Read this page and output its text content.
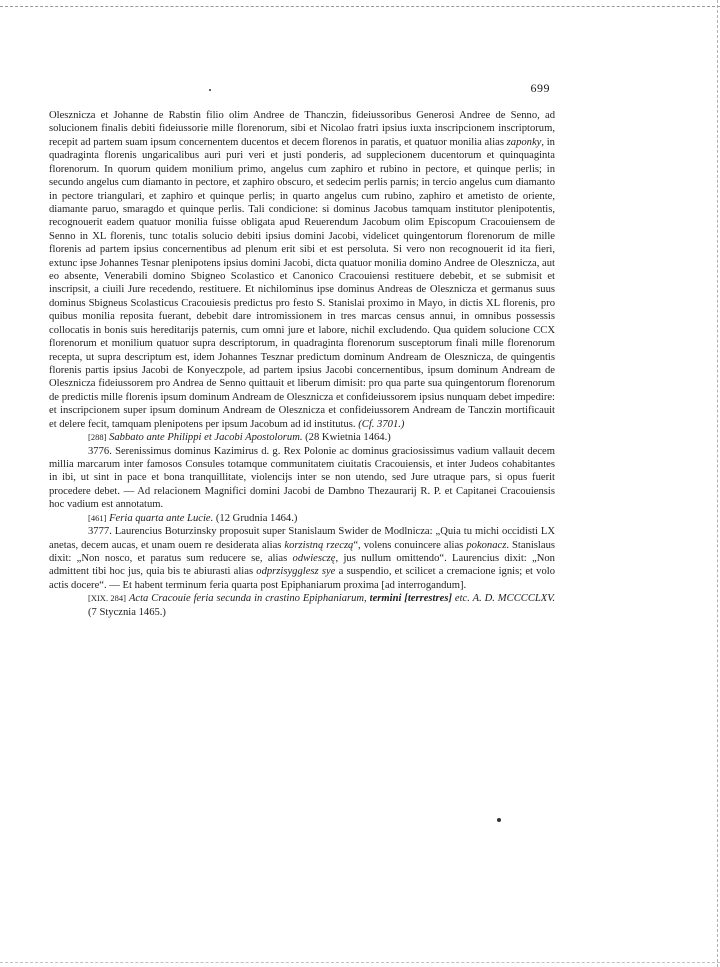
699

Olesznicza et Johanne de Rabstin filio olim Andree de Thanczin, fideiussoribus Generosi Andree de Senno, ad solucionem finalis debiti fideiussorie mille florenorum, sibi et Nicolao fratri ipsius iuxta inscripcionem inscriptorum, recepit ad partem suam ipsum concernentem ducentos et decem florenos in paratis, et quatuor monilia alias zaponky, in quadraginta florenis ungaricalibus auri puri veri et justi ponderis, ad supplecionem ducentorum et quinquaginta florenorum. In quorum quidem monilium primo, angelus cum zaphiro et rubino in pectore, et quinque perlis; in secundo angelus cum diamanto in pectore, et zaphiro obscuro, et sedecim perlis parnis; in tercio angelus cum diamanto in pectore triangulari, et zaphiro et quinque perlis; in quarto angelus cum rubino, zaphiro et ametisto de oriente, diamante paruo, smaragdo et quinque perlis. Tali condicione: si dominus Jacobus tamquam institutor plenipotentis, recognouerit eadem quatuor monilia fuisse obligata apud Reuerendum Jacobum olim Episcopum Cracouiensem de Senno in XL florenis, tunc totalis solucio debiti ipsius domini Jacobi, videlicet quingentorum florenorum de mille florenis ad partem ipsius concernentibus ad plenum erit sibi et est persoluta. Si vero non recognouerit id ita fieri, extunc ipse Johannes Tesnar plenipotens ipsius domini Jacobi, dicta quatuor monilia domino Andree de Olesznicza, aut eo absente, Venerabili domino Sbigneo Scolastico et Canonico Cracouiensi restituere debebit, et se submisit et inscripsit, a ciuili Jure recedendo, restituere. Et nichilominus ipse dominus Andreas de Olesznicza et germanus suus dominus Sbigneus Scolasticus Cracouiesis predictus pro festo S. Stanislai proximo in Mayo, in dictis XL florenis, pro quibus monilia reposita fuerant, debebit dare intromissionem in tres marcas census annui, in omnibus possessis collocatis in bonis suis hereditarijs paternis, cum omni jure et labore, nichil excludendo. Qua quidem solucione CCX florenorum et monilium quatuor supra descriptorum, in quadraginta florenorum susceptorum finali mille florenorum recepta, ut supra descriptum est, idem Johannes Tesznar predictum dominum Andream de Olesznicza, de quingentis florenis partis ipsius Jacobi de Konyeczpole, ad partem ipsius Jacobi concernentibus, ipsum dominum Andream de Olesznicza fideiussorem pro Andrea de Senno quittauit et liberum dimisit: pro qua parte sua quingentorum florenorum de predictis mille florenis ipsum dominum Andream de Olesznicza et confideiussorem ipsius nunquam debet impedire: et inscripcionem super ipsum dominum Andream de Olesznicza et confideiussorem Andream de Tanczin mortificauit et delere fecit, tamquam plenipotens per ipsum Jacobum ad id institutus. (Cf. 3701.)

[288] Sabbato ante Philippi et Jacobi Apostolorum. (28 Kwietnia 1464.)

3776. Serenissimus dominus Kazimirus d. g. Rex Polonie ac dominus graciosissimus vadium vallauit decem millia marcarum inter famosos Consules totamque communitatem ciuitatis Cracouiensis, et inter Judeos cohabitantes in ibi, ut sint in pace et bona tranquillitate, violencijs inter se non utendo, sed Jure utraque pars, si opus fuerit procedere debet. — Ad relacionem Magnifici domini Jacobi de Dambno Thezaurarij R. P. et Capitanei Cracouiensis hoc vadium est annotatum.

[461] Feria quarta ante Lucie. (12 Grudnia 1464.)

3777. Laurencius Boturzinsky proposuit super Stanislaum Swider de Modlnicza: „Quia tu michi occidisti LX anetas, decem aucas, et unam ouem re desiderata alias korzistną rzeczą“, volens conuincere alias pokonacz. Stanislaus dixit: „Non nosco, et paratus sum reducere se, alias odwiesczę, jus nullum omittendo“. Laurencius dixit: „Non admittent tibi hoc jus, quia bis te abiurasti alias odprzisygglesz sye a suspendio, et scilicet a cremacione ignis; et volo actis docere“. — Et habent terminum feria quarta post Epiphaniarum proxima [ad interrogandum].

[XIX. 284] Acta Cracouie feria secunda in crastino Epiphaniarum, termini [terrestres] etc. A. D. MCCCCLXV. (7 Stycznia 1465.)
